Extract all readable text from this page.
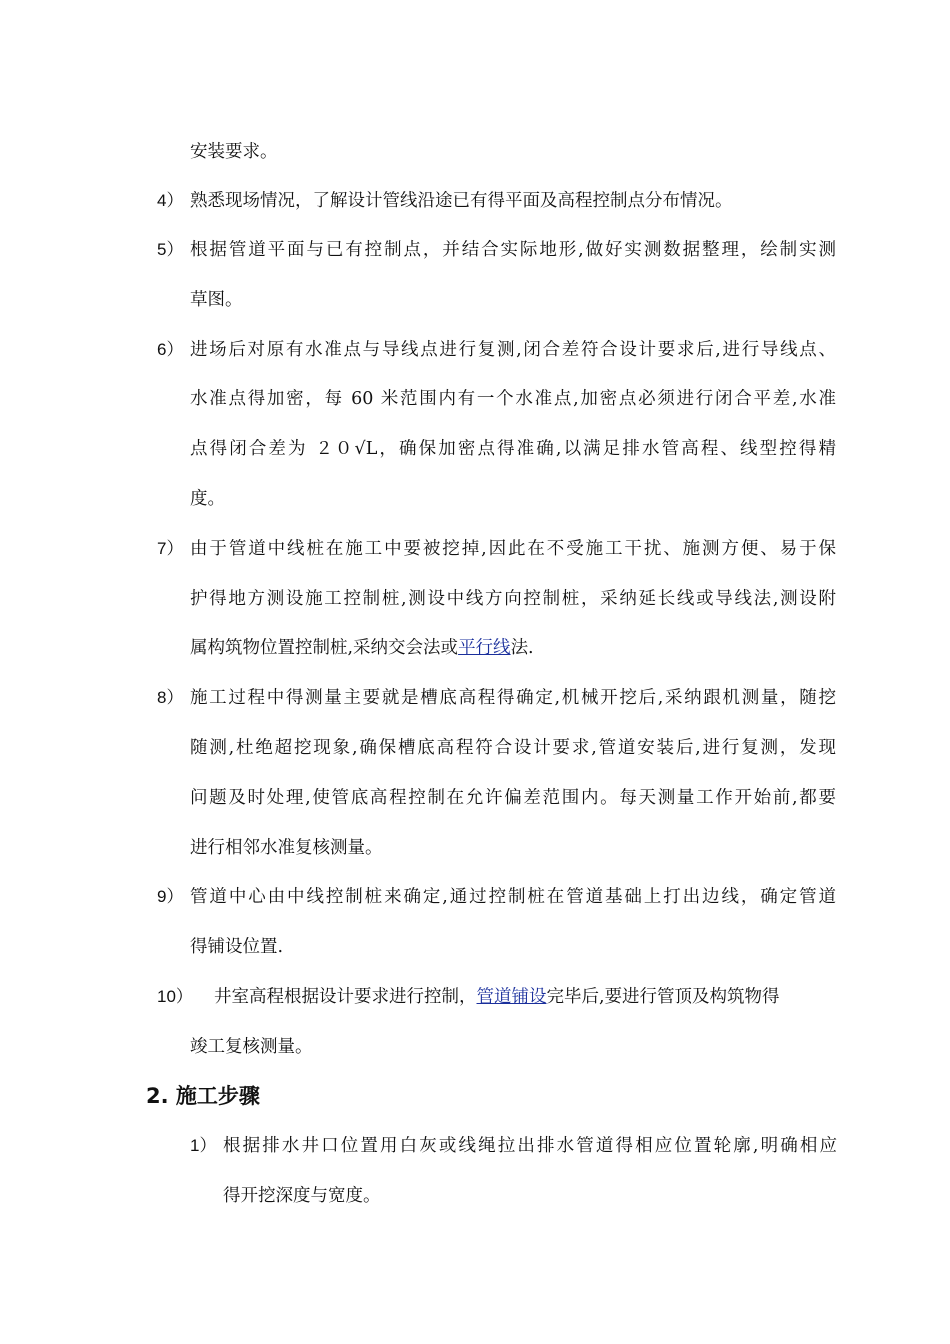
安装要求。
4） 熟悉现场情况，了解设计管线沿途已有得平面及高程控制点分布情况。
5） 根据管道平面与已有控制点，并结合实际地形,做好实测数据整理，绘制实测
草图。
6） 进场后对原有水准点与导线点进行复测,闭合差符合设计要求后,进行导线点、
水准点得加密，每 60 米范围内有一个水准点,加密点必须进行闭合平差,水准
点得闭合差为 ２０√L，确保加密点得准确,以满足排水管高程、线型控得精
度。
7） 由于管道中线桩在施工中要被挖掉,因此在不受施工干扰、施测方便、易于保
护得地方测设施工控制桩,测设中线方向控制桩，采纳延长线或导线法,测设附
属构筑物位置控制桩,采纳交会法或平行线法.
8） 施工过程中得测量主要就是槽底高程得确定,机械开挖后,采纳跟机测量，随挖
随测,杜绝超挖现象,确保槽底高程符合设计要求,管道安装后,进行复测，发现
问题及时处理,使管底高程控制在允许偏差范围内。每天测量工作开始前,都要
进行相邻水准复核测量。
9） 管道中心由中线控制桩来确定,通过控制桩在管道基础上打出边线，确定管道
得铺设位置.
10） 井室高程根据设计要求进行控制，管道铺设完毕后,要进行管顶及构筑物得
竣工复核测量。
2. 施工步骤
1） 根据排水井口位置用白灰或线绳拉出排水管道得相应位置轮廓,明确相应
得开挖深度与宽度。
